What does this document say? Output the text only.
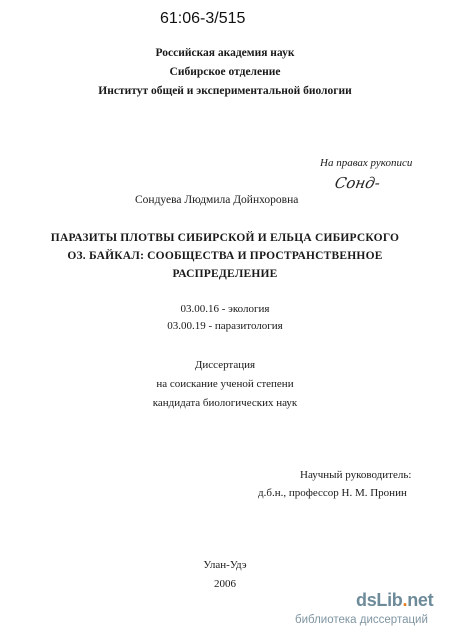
61:06-3/515
Российская академия наук
Сибирское отделение
Институт общей и экспериментальной биологии
На правах рукописи
Сонд-
Сондуева Людмила Дойнхоровна
ПАРАЗИТЫ ПЛОТВЫ СИБИРСКОЙ И ЕЛЬЦА СИБИРСКОГО
ОЗ. БАЙКАЛ: СООБЩЕСТВА И ПРОСТРАНСТВЕННОЕ
РАСПРЕДЕЛЕНИЕ
03.00.16 - экология
03.00.19 - паразитология
Диссертация
на соискание ученой степени
кандидата биологических наук
Научный руководитель:
д.б.н., профессор Н. М. Пронин
Улан-Удэ
2006
dsLib.net
библиотека диссертаций
